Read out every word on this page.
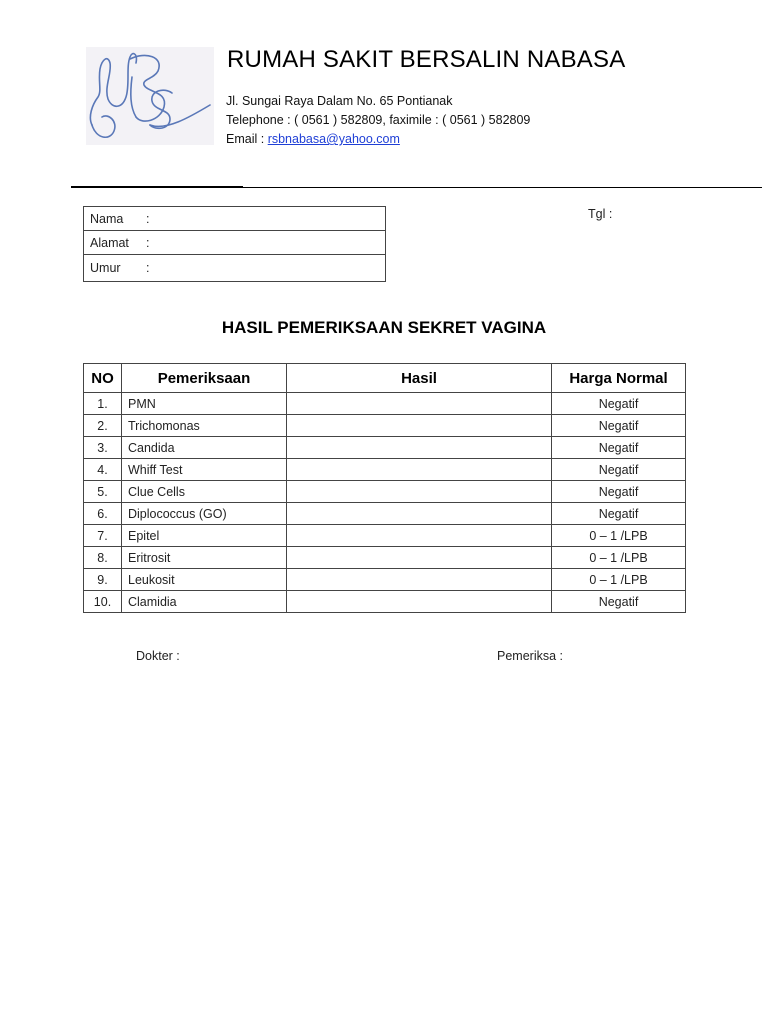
RUMAH SAKIT BERSALIN NABASA
Jl. Sungai Raya Dalam No. 65 Pontianak
Telephone : ( 0561 ) 582809, faximile : ( 0561 ) 582809
Email : rsbnabasa@yahoo.com
Nama	:
Alamat	:
Umur	:
Tgl :
HASIL PEMERIKSAAN SEKRET VAGINA
NO	Pemeriksaan	Hasil	Harga Normal
1.	PMN		Negatif
2.	Trichomonas		Negatif
3.	Candida		Negatif
4.	Whiff Test		Negatif
5.	Clue Cells		Negatif
6.	Diplococcus (GO)		Negatif
7.	Epitel		0 – 1 /LPB
8.	Eritrosit		0 – 1 /LPB
9.	Leukosit		0 – 1 /LPB
10.	Clamidia		Negatif
Dokter :	Pemeriksa :
